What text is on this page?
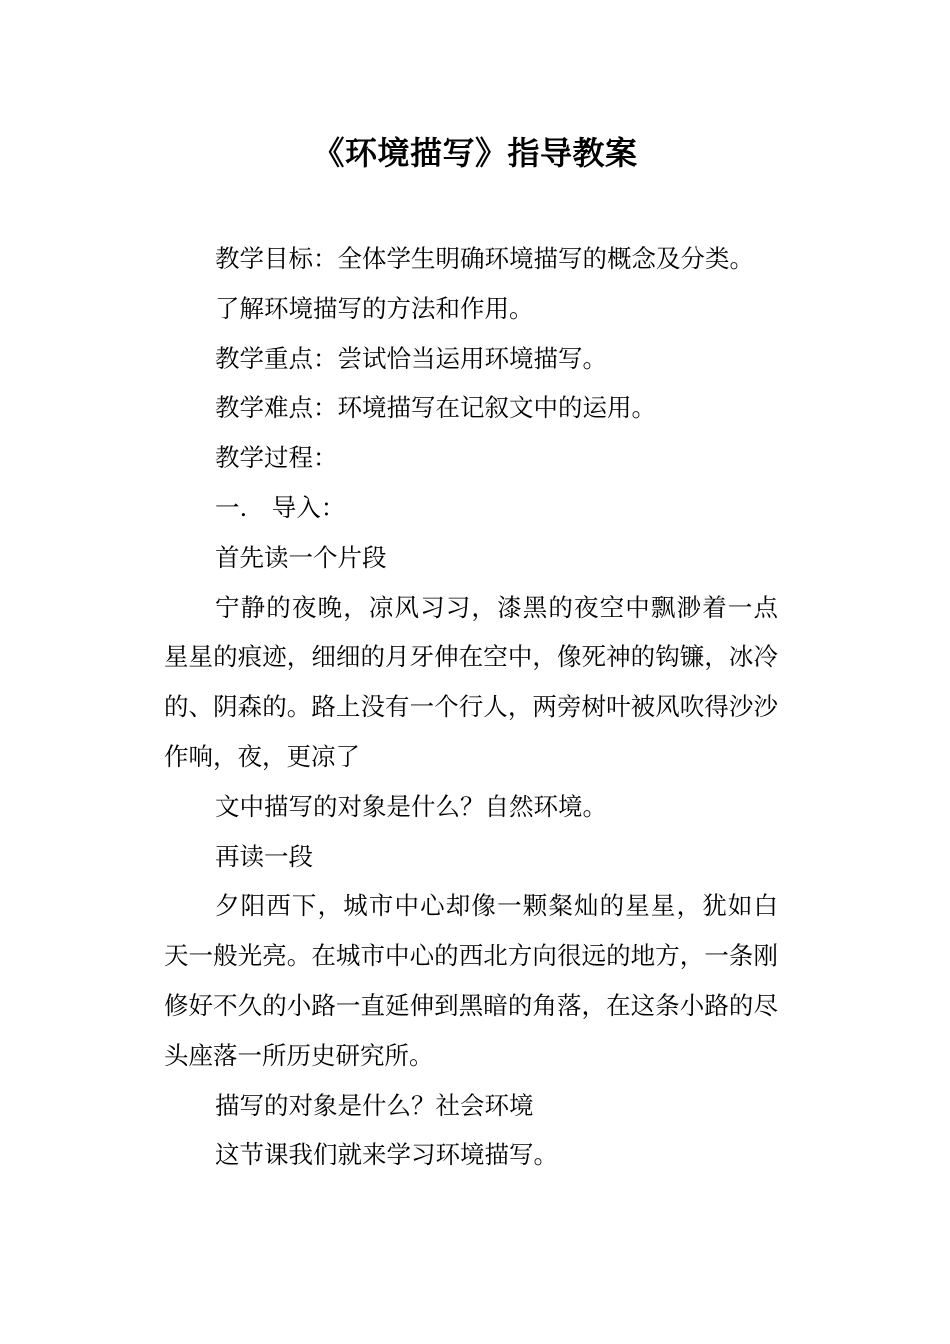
《环境描写》指导教案

教学目标：全体学生明确环境描写的概念及分类。

了解环境描写的方法和作用。

教学重点：尝试恰当运用环境描写。

教学难点：环境描写在记叙文中的运用。

教学过程：

一.　导入：

首先读一个片段

宁静的夜晚，凉风习习，漆黑的夜空中飘渺着一点星星的痕迹，细细的月牙伸在空中，像死神的钩镰，冰冷的、阴森的。路上没有一个行人，两旁树叶被风吹得沙沙作响，夜，更凉了

文中描写的对象是什么？自然环境。

再读一段

夕阳西下，城市中心却像一颗粲灿的星星，犹如白天一般光亮。在城市中心的西北方向很远的地方，一条刚修好不久的小路一直延伸到黑暗的角落，在这条小路的尽头座落一所历史研究所。

描写的对象是什么？社会环境

这节课我们就来学习环境描写。
